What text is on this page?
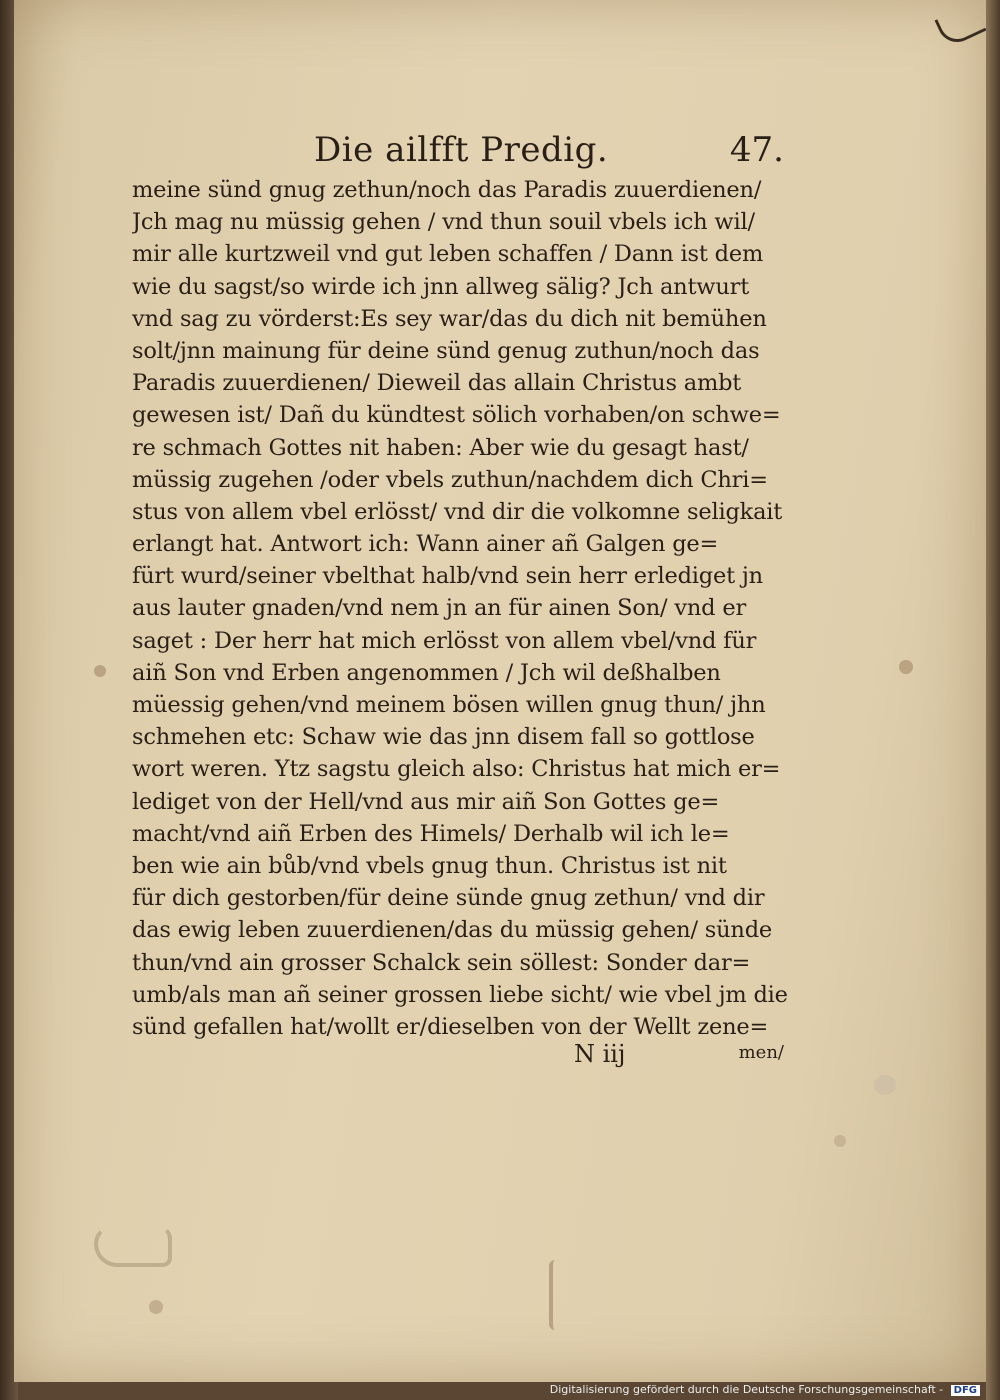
Die ailfft Predig.	47.
meine sünd gnug zethun/noch das Paradis zuuerdienen/
Jch mag nu müssig gehen / vnd thun souil vbels ich wil/
mir alle kurtzweil vnd gut leben schaffen / Dann ist dem
wie du sagst/so wirde ich jnn allweg sälig? Jch antwurt
vnd sag zu vörderst:Es sey war/das du dich nit bemühen
solt/jnn mainung für deine sünd genug zuthun/noch das
Paradis zuuerdienen/ Dieweil das allain Christus ambt
gewesen ist/ Dañ du kündtest sölich vorhaben/on schwe=
re schmach Gottes nit haben: Aber wie du gesagt hast/
müssig zugehen /oder vbels zuthun/nachdem dich Chri=
stus von allem vbel erlösst/ vnd dir die volkomne seligkait
erlangt hat. Antwort ich: Wann ainer añ Galgen ge=
fürt wurd/seiner vbelthat halb/vnd sein herr erlediget jn
aus lauter gnaden/vnd nem jn an für ainen Son/ vnd er
saget : Der herr hat mich erlösst von allem vbel/vnd für
aiñ Son vnd Erben angenommen / Jch wil deßhalben
müessig gehen/vnd meinem bösen willen gnug thun/ jhn
schmehen etc: Schaw wie das jnn disem fall so gottlose
wort weren. Ytz sagstu gleich also: Christus hat mich er=
lediget von der Hell/vnd aus mir aiñ Son Gottes ge=
macht/vnd aiñ Erben des Himels/ Derhalb wil ich le=
ben wie ain bůb/vnd vbels gnug thun. Christus ist nit
für dich gestorben/für deine sünde gnug zethun/ vnd dir
das ewig leben zuuerdienen/das du müssig gehen/ sünde
thun/vnd ain grosser Schalck sein söllest: Sonder dar=
umb/als man añ seiner grossen liebe sicht/ wie vbel jm die
sünd gefallen hat/wollt er/dieselben von der Wellt zene=
N iij	men/
Digitalisierung gefördert durch die Deutsche Forschungsgemeinschaft - DFG
